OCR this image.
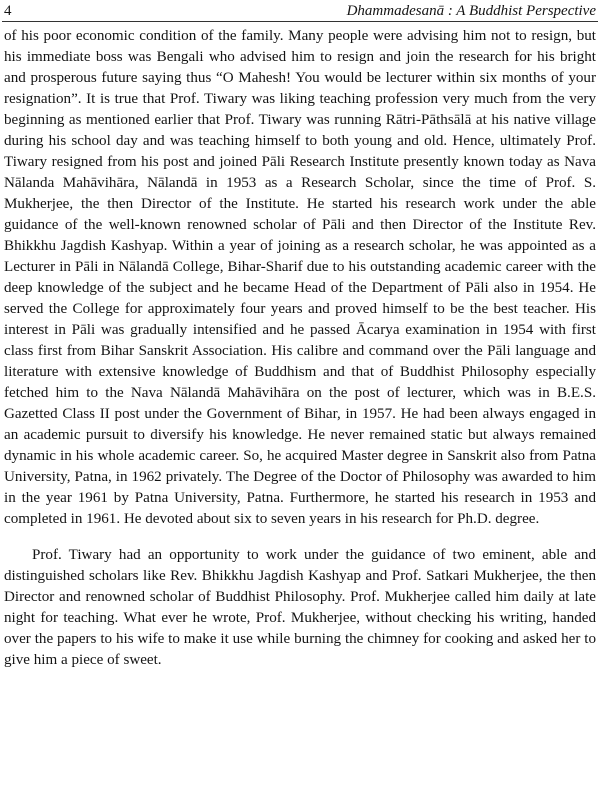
4	Dhammadesanā : A Buddhist Perspective

of his poor economic condition of the family. Many people were advising him not to resign, but his immediate boss was Bengali who advised him to resign and join the research for his bright and prosperous future saying thus “O Mahesh! You would be lecturer within six months of your resignation”. It is true that Prof. Tiwary was liking teaching profession very much from the very beginning as mentioned earlier that Prof. Tiwary was running Rātri-Pāthsālā at his native village during his school day and was teaching himself to both young and old. Hence, ultimately Prof. Tiwary resigned from his post and joined Pāli Research Institute presently known today as Nava Nālanda Mahāvihāra, Nālandā in 1953 as a Research Scholar, since the time of Prof. S. Mukherjee, the then Director of the Institute. He started his research work under the able guidance of the well-known renowned scholar of Pāli and then Director of the Institute Rev. Bhikkhu Jagdish Kashyap. Within a year of joining as a research scholar, he was appointed as a Lecturer in Pāli in Nālandā College, Bihar-Sharif due to his outstanding academic career with the deep knowledge of the subject and he became Head of the Department of Pāli also in 1954. He served the College for approximately four years and proved himself to be the best teacher. His interest in Pāli was gradually intensified and he passed Ācarya examination in 1954 with first class first from Bihar Sanskrit Association. His calibre and command over the Pāli language and literature with extensive knowledge of Buddhism and that of Buddhist Philosophy especially fetched him to the Nava Nālandā Mahāvihāra on the post of lecturer, which was in B.E.S. Gazetted Class II post under the Government of Bihar, in 1957. He had been always engaged in an academic pursuit to diversify his knowledge. He never remained static but always remained dynamic in his whole academic career. So, he acquired Master degree in Sanskrit also from Patna University, Patna, in 1962 privately. The Degree of the Doctor of Philosophy was awarded to him in the year 1961 by Patna University, Patna. Furthermore, he started his research in 1953 and completed in 1961. He devoted about six to seven years in his research for Ph.D. degree.

Prof. Tiwary had an opportunity to work under the guidance of two eminent, able and distinguished scholars like Rev. Bhikkhu Jagdish Kashyap and Prof. Satkari Mukherjee, the then Director and renowned scholar of Buddhist Philosophy. Prof. Mukherjee called him daily at late night for teaching. What ever he wrote, Prof. Mukherjee, without checking his writing, handed over the papers to his wife to make it use while burning the chimney for cooking and asked her to give him a piece of sweet.
